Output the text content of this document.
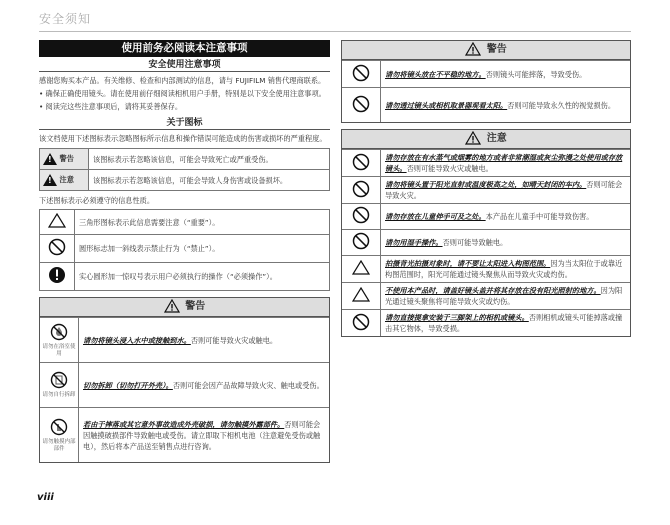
安全须知
使用前务必阅读本注意事项
安全使用注意事项

感谢您购买本产品。有关维修、检查和内部测试的信息，请与 FUJIFILM 销售代理商联系。

• 确保正确使用镜头。请在使用前仔细阅读相机用户手册，特别是以下安全使用注意事项。

• 阅读完这些注意事项后，请将其妥善保存。

关于图标

该文档使用下述图标表示忽略图标所示信息和操作错误可能造成的伤害或损坏的严重程度。

! 警告	该图标表示若忽略该信息，可能会导致死亡或严重受伤。
! 注意	该图标表示若忽略该信息，可能会导致人身伤害或设备损坏。

下述图标表示必须遵守的信息性质。

	三角形图标表示此信息需要注意（“重要”）。
	圆形标志加一斜线表示禁止行为（“禁止”）。
	实心圆形加一惊叹号表示用户必须执行的操作（“必须操作”）。
警告
请勿在浴室使用	请勿将镜头浸入水中或接触到水。否则可能导致火灾或触电。

请勿自行拆卸	切勿拆卸（切勿打开外壳）。否则可能会因产品故障导致火灾、触电或受伤。

请勿触摸内部部件	若由于摔落或其它意外事故造成外壳破损，请勿触摸外露部件。否则可能会因触摸破损部件导致触电或受伤。请立即取下相机电池（注意避免受伤或触电），然后将本产品送至销售点进行咨询。
警告
	请勿将镜头放在不平稳的地方。否则镜头可能摔落，导致受伤。
	请勿透过镜头或相机取景器观看太阳。否则可能导致永久性的视觉损伤。
注意
	请勿存放在有水蒸气或烟雾的地方或者非常潮湿或灰尘弥漫之处使用或存放镜头。否则可能导致火灾或触电。
	请勿将镜头置于阳光直射或温度极高之处，如晴天封闭的车内。否则可能会导致火灾。
	请勿存放在儿童伸手可及之处。本产品在儿童手中可能导致伤害。
	请勿用湿手操作。否则可能导致触电。
	拍摄背光拍摄对象时，请不要让太阳进入构图范围。因为当太阳位于或靠近构图范围时，阳光可能通过镜头聚焦从而导致火灾或灼伤。
	不使用本产品时，请盖好镜头盖并将其存放在没有阳光照射的地方。因为阳光通过镜头聚焦将可能导致火灾或灼伤。
	请勿直接提拿安装于三脚架上的相机或镜头。否则相机或镜头可能掉落或撞击其它物体，导致受损。
viii
